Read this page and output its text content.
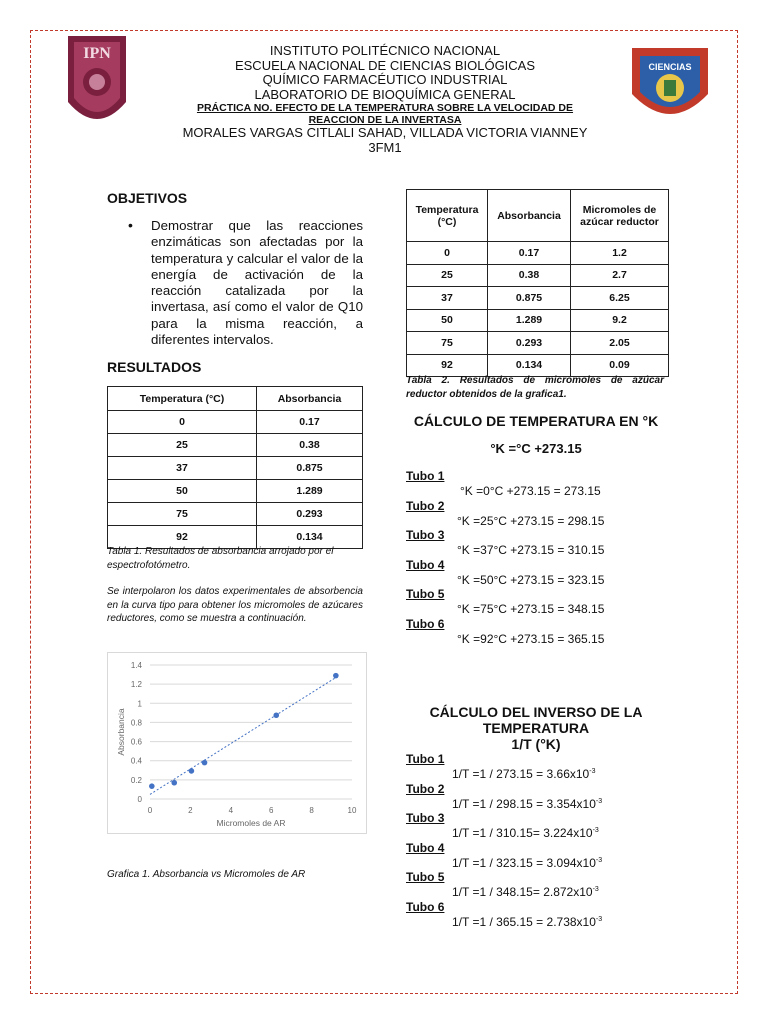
IPN
CIENCIAS
INSTITUTO POLITÉCNICO NACIONAL
ESCUELA NACIONAL DE CIENCIAS BIOLÓGICAS
QUÍMICO FARMACÉUTICO INDUSTRIAL
LABORATORIO DE BIOQUÍMICA GENERAL
PRÁCTICA NO. EFECTO DE LA TEMPERATURA SOBRE LA VELOCIDAD DE
REACCION DE LA INVERTASA
MORALES VARGAS CITLALI SAHAD, VILLADA VICTORIA VIANNEY
3FM1
OBJETIVOS
• Demostrar que las reacciones enzimáticas son afectadas por la temperatura y calcular el valor de la energía de activación de la reacción catalizada por la invertasa, así como el valor de Q10 para la misma reacción, a diferentes intervalos.
RESULTADOS
Temperatura (°C)	Absorbancia
0	0.17
25	0.38
37	0.875
50	1.289
75	0.293
92	0.134
Tabla 1. Resultados de absorbancia arrojado por el espectrofotómetro.
Se interpolaron los datos experimentales de absorbencia en la curva tipo para obtener los micromoles de azúcares reductores, como se muestra a continuación.
0
0.2
0.4
0.6
0.8
1
1.2
1.4
0	2	4	6	8	10
Micromoles de AR
Absorbancia
Grafica 1. Absorbancia vs Micromoles de AR
Temperatura (°C)	Absorbancia	Micromoles de azúcar reductor
0	0.17	1.2
25	0.38	2.7
37	0.875	6.25
50	1.289	9.2
75	0.293	2.05
92	0.134	0.09
Tabla 2. Resultados de micromoles de azúcar reductor obtenidos de la grafica1.
CÁLCULO DE TEMPERATURA EN °K
°K =°C +273.15
Tubo 1
°K =0°C +273.15 = 273.15
Tubo 2
°K =25°C +273.15 = 298.15
Tubo 3
°K =37°C +273.15 = 310.15
Tubo 4
°K =50°C +273.15 = 323.15
Tubo 5
°K =75°C +273.15 = 348.15
Tubo 6
°K =92°C +273.15 = 365.15
CÁLCULO DEL INVERSO DE LA
TEMPERATURA
1/T (°K)
Tubo 1
$1/T =1 / 273.15 = 3.66x10^{-3}$
Tubo 2
$1/T =1 / 298.15 = 3.354x10^{-3}$
Tubo 3
$1/T =1 / 310.15= 3.224x10^{-3}$
Tubo 4
$1/T =1 / 323.15 = 3.094x10^{-3}$
Tubo 5
$1/T =1 / 348.15= 2.872x10^{-3}$
Tubo 6
$1/T =1 / 365.15 = 2.738x10^{-3}$
